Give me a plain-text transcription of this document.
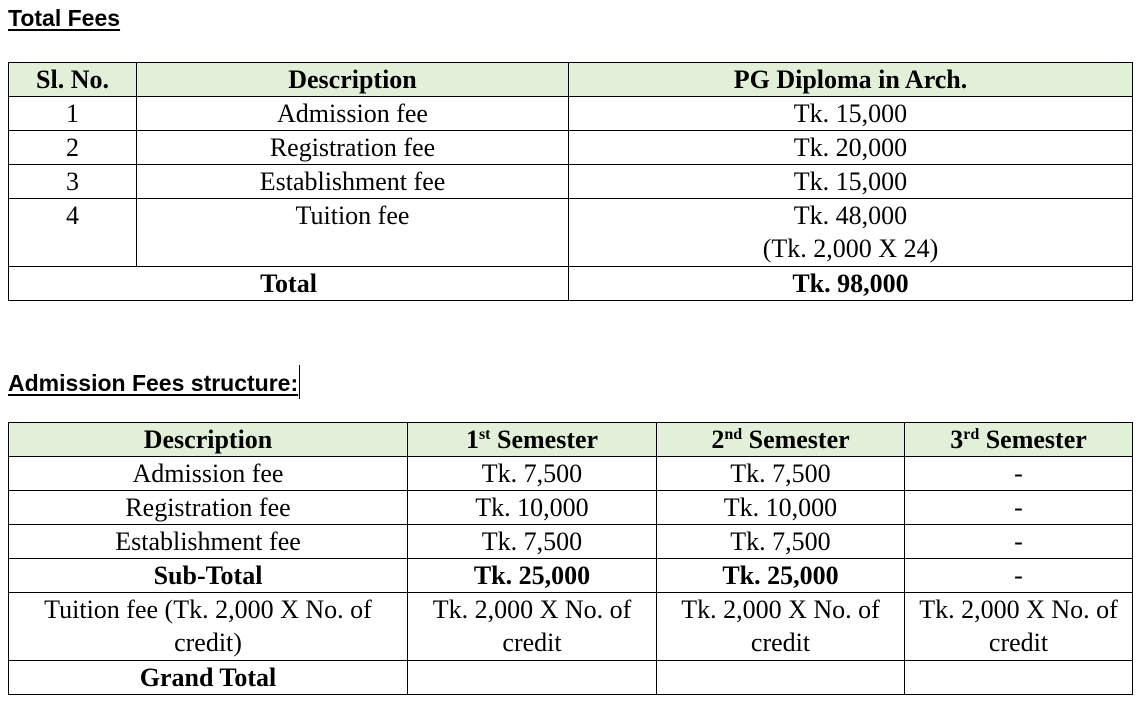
Total Fees
Sl. No.	Description	PG Diploma in Arch.
1	Admission fee	Tk. 15,000
2	Registration fee	Tk. 20,000
3	Establishment fee	Tk. 15,000
4	Tuition fee	Tk. 48,000
(Tk. 2,000 X 24)

Total		Tk. 98,000
Admission Fees structure:
Description	1st Semester	2nd Semester	3rd Semester
Admission fee	Tk. 7,500	Tk. 7,500	-
Registration fee	Tk. 10,000	Tk. 10,000	-
Establishment fee	Tk. 7,500	Tk. 7,500	-
Sub-Total	Tk. 25,000	Tk. 25,000	-
Tuition fee (Tk. 2,000 X No. of credit)	Tk. 2,000 X No. of credit	Tk. 2,000 X No. of credit	Tk. 2,000 X No. of credit
Grand Total			
